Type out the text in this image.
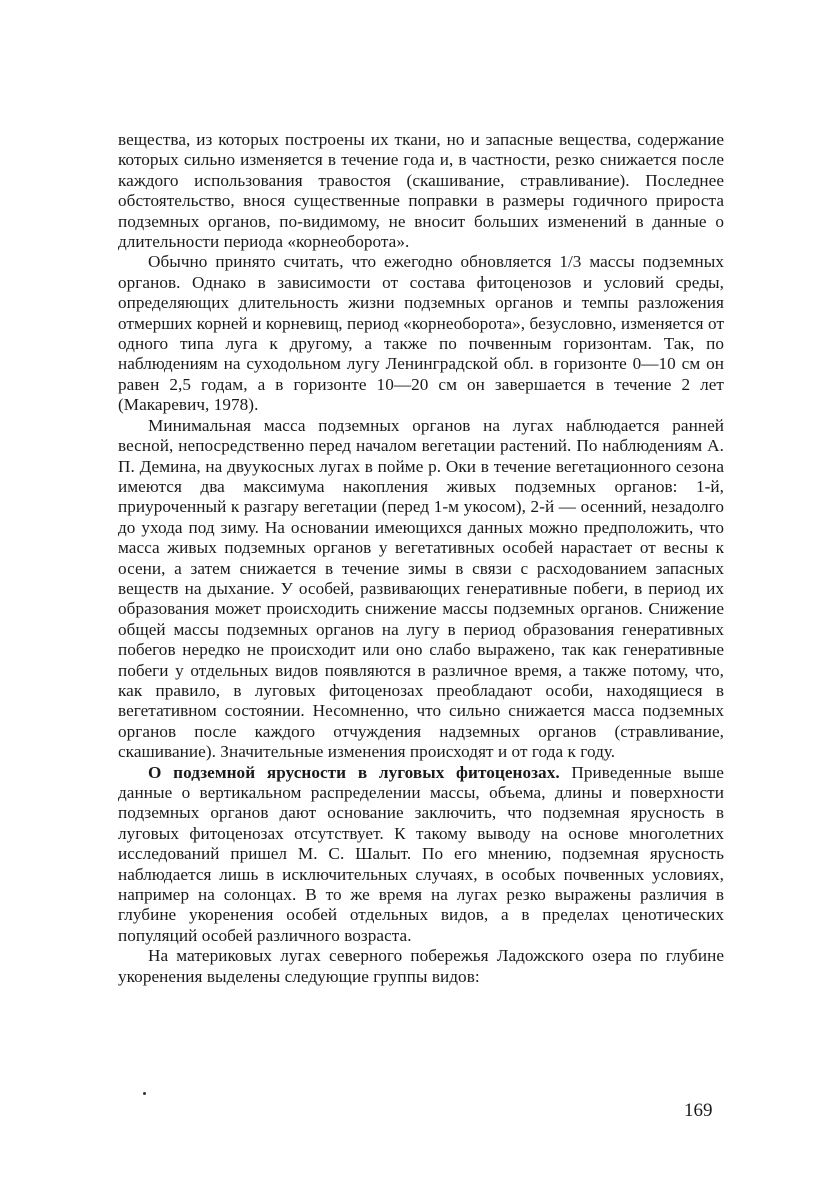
вещества, из которых построены их ткани, но и запасные вещества, содержание которых сильно изменяется в течение года и, в частности, резко снижается после каждого использования травостоя (скашивание, стравливание). Последнее обстоятельство, внося существенные поправки в размеры годичного прироста подземных органов, по-видимому, не вносит больших изменений в данные о длительности периода «корнеоборота».

Обычно принято считать, что ежегодно обновляется 1/3 массы подземных органов. Однако в зависимости от состава фитоценозов и условий среды, определяющих длительность жизни подземных органов и темпы разложения отмерших корней и корневищ, период «корнеоборота», безусловно, изменяется от одного типа луга к другому, а также по почвенным горизонтам. Так, по наблюдениям на суходольном лугу Ленинградской обл. в горизонте 0—10 см он равен 2,5 годам, а в горизонте 10—20 см он завершается в течение 2 лет (Макаревич, 1978).

Минимальная масса подземных органов на лугах наблюдается ранней весной, непосредственно перед началом вегетации растений. По наблюдениям А. П. Демина, на двуукосных лугах в пойме р. Оки в течение вегетационного сезона имеются два максимума накопления живых подземных органов: 1-й, приуроченный к разгару вегетации (перед 1-м укосом), 2-й — осенний, незадолго до ухода под зиму. На основании имеющихся данных можно предположить, что масса живых подземных органов у вегетативных особей нарастает от весны к осени, а затем снижается в течение зимы в связи с расходованием запасных веществ на дыхание. У особей, развивающих генеративные побеги, в период их образования может происходить снижение массы подземных органов. Снижение общей массы подземных органов на лугу в период образования генеративных побегов нередко не происходит или оно слабо выражено, так как генеративные побеги у отдельных видов появляются в различное время, а также потому, что, как правило, в луговых фитоценозах преобладают особи, находящиеся в вегетативном состоянии. Несомненно, что сильно снижается масса подземных органов после каждого отчуждения надземных органов (стравливание, скашивание). Значительные изменения происходят и от года к году.

О подземной ярусности в луговых фитоценозах. Приведенные выше данные о вертикальном распределении массы, объема, длины и поверхности подземных органов дают основание заключить, что подземная ярусность в луговых фитоценозах отсутствует. К такому выводу на основе многолетних исследований пришел М. С. Шалыт. По его мнению, подземная ярусность наблюдается лишь в исключительных случаях, в особых почвенных условиях, например на солонцах. В то же время на лугах резко выражены различия в глубине укоренения особей отдельных видов, а в пределах ценотических популяций особей различного возраста.

На материковых лугах северного побережья Ладожского озера по глубине укоренения выделены следующие группы видов:

169
